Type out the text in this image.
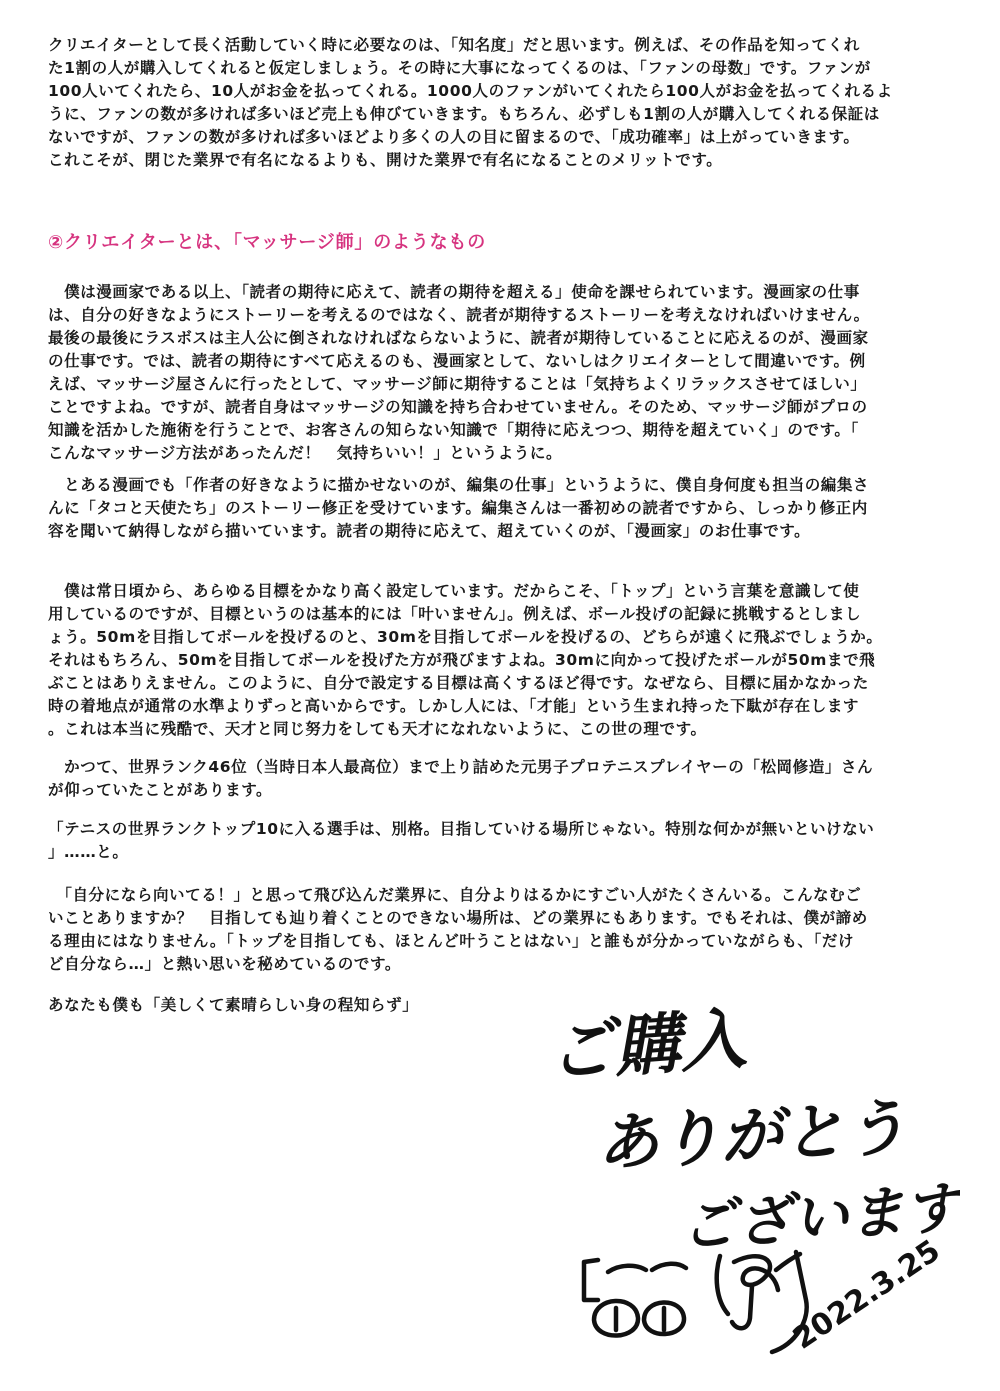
クリエイターとして長く活動していく時に必要なのは、「知名度」だと思います。例えば、その作品を知ってくれ
た1割の人が購入してくれると仮定しましょう。その時に大事になってくるのは、「ファンの母数」です。ファンが
100人いてくれたら、10人がお金を払ってくれる。1000人のファンがいてくれたら100人がお金を払ってくれるよ
うに、ファンの数が多ければ多いほど売上も伸びていきます。もちろん、必ずしも1割の人が購入してくれる保証は
ないですが、ファンの数が多ければ多いほどより多くの人の目に留まるので、「成功確率」は上がっていきます。
これこそが、閉じた業界で有名になるよりも、開けた業界で有名になることのメリットです。

②クリエイターとは、「マッサージ師」のようなもの

　僕は漫画家である以上、「読者の期待に応えて、読者の期待を超える」使命を課せられています。漫画家の仕事
は、自分の好きなようにストーリーを考えるのではなく、読者が期待するストーリーを考えなければいけません。
最後の最後にラスボスは主人公に倒されなければならないように、読者が期待していることに応えるのが、漫画家
の仕事です。では、読者の期待にすべて応えるのも、漫画家として、ないしはクリエイターとして間違いです。例
えば、マッサージ屋さんに行ったとして、マッサージ師に期待することは「気持ちよくリラックスさせてほしい」
ことですよね。ですが、読者自身はマッサージの知識を持ち合わせていません。そのため、マッサージ師がプロの
知識を活かした施術を行うことで、お客さんの知らない知識で「期待に応えつつ、期待を超えていく」のです。「
こんなマッサージ方法があったんだ！　気持ちいい！」というように。

　とある漫画でも「作者の好きなように描かせないのが、編集の仕事」というように、僕自身何度も担当の編集さ
んに「タコと天使たち」のストーリー修正を受けています。編集さんは一番初めの読者ですから、しっかり修正内
容を聞いて納得しながら描いています。読者の期待に応えて、超えていくのが、「漫画家」のお仕事です。

　僕は常日頃から、あらゆる目標をかなり高く設定しています。だからこそ、「トップ」という言葉を意識して使
用しているのですが、目標というのは基本的には「叶いません」。例えば、ボール投げの記録に挑戦するとしまし
ょう。50mを目指してボールを投げるのと、30mを目指してボールを投げるの、どちらが遠くに飛ぶでしょうか。
それはもちろん、50mを目指してボールを投げた方が飛びますよね。30mに向かって投げたボールが50mまで飛
ぶことはありえません。このように、自分で設定する目標は高くするほど得です。なぜなら、目標に届かなかった
時の着地点が通常の水準よりずっと高いからです。しかし人には、「才能」という生まれ持った下駄が存在します
。これは本当に残酷で、天才と同じ努力をしても天才になれないように、この世の理です。

　かつて、世界ランク46位（当時日本人最高位）まで上り詰めた元男子プロテニスプレイヤーの「松岡修造」さん
が仰っていたことがあります。

「テニスの世界ランクトップ10に入る選手は、別格。目指していける場所じゃない。特別な何かが無いといけない
」……と。

　「自分になら向いてる！」と思って飛び込んだ業界に、自分よりはるかにすごい人がたくさんいる。こんなむご
いことありますか？　目指しても辿り着くことのできない場所は、どの業界にもあります。でもそれは、僕が諦め
る理由にはなりません。「トップを目指しても、ほとんど叶うことはない」と誰もが分かっていながらも、「だけ
ど自分なら…」と熱い思いを秘めているのです。

あなたも僕も「美しくて素晴らしい身の程知らず」	ご購入
ありがとう
ございます
2022.3.25
